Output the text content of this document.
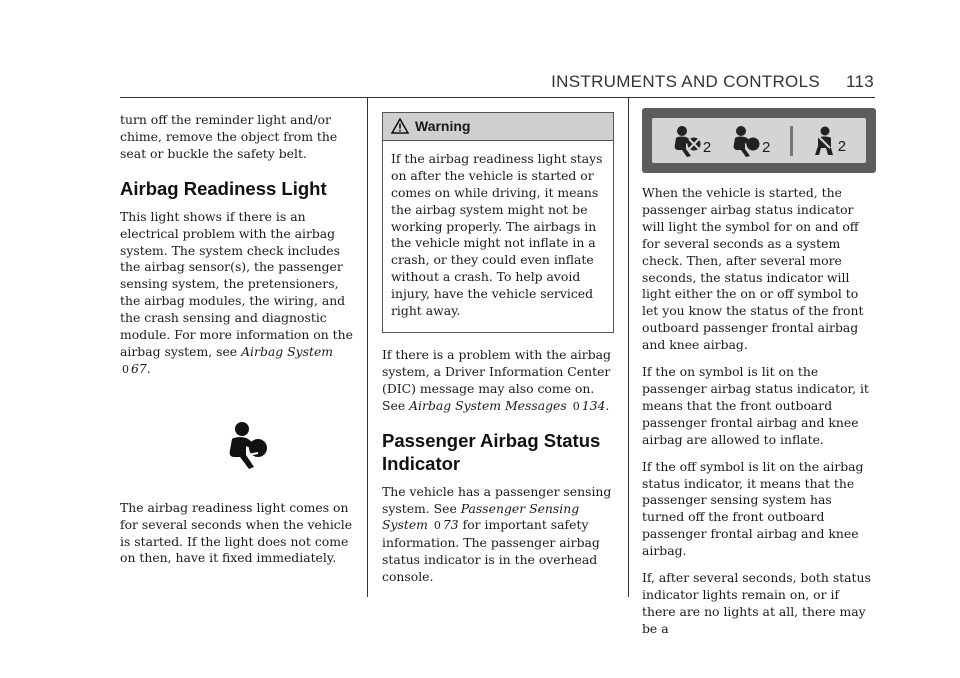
INSTRUMENTS AND CONTROLS 113

turn off the reminder light and/or chime, remove the object from the seat or buckle the safety belt.

Airbag Readiness Light

This light shows if there is an electrical problem with the airbag system. The system check includes the airbag sensor(s), the passenger sensing system, the pretensioners, the airbag modules, the wiring, and the crash sensing and diagnostic module. For more information on the airbag system, see Airbag System 0 67.

The airbag readiness light comes on for several seconds when the vehicle is started. If the light does not come on then, have it fixed immediately.

Warning

If the airbag readiness light stays on after the vehicle is started or comes on while driving, it means the airbag system might not be working properly. The airbags in the vehicle might not inflate in a crash, or they could even inflate without a crash. To help avoid injury, have the vehicle serviced right away.

If there is a problem with the airbag system, a Driver Information Center (DIC) message may also come on. See Airbag System Messages 0 134.

Passenger Airbag Status Indicator

The vehicle has a passenger sensing system. See Passenger Sensing System 0 73 for important safety information. The passenger airbag status indicator is in the overhead console.

2	2	2

When the vehicle is started, the passenger airbag status indicator will light the symbol for on and off for several seconds as a system check. Then, after several more seconds, the status indicator will light either the on or off symbol to let you know the status of the front outboard passenger frontal airbag and knee airbag.

If the on symbol is lit on the passenger airbag status indicator, it means that the front outboard passenger frontal airbag and knee airbag are allowed to inflate.

If the off symbol is lit on the airbag status indicator, it means that the passenger sensing system has turned off the front outboard passenger frontal airbag and knee airbag.

If, after several seconds, both status indicator lights remain on, or if there are no lights at all, there may be a
